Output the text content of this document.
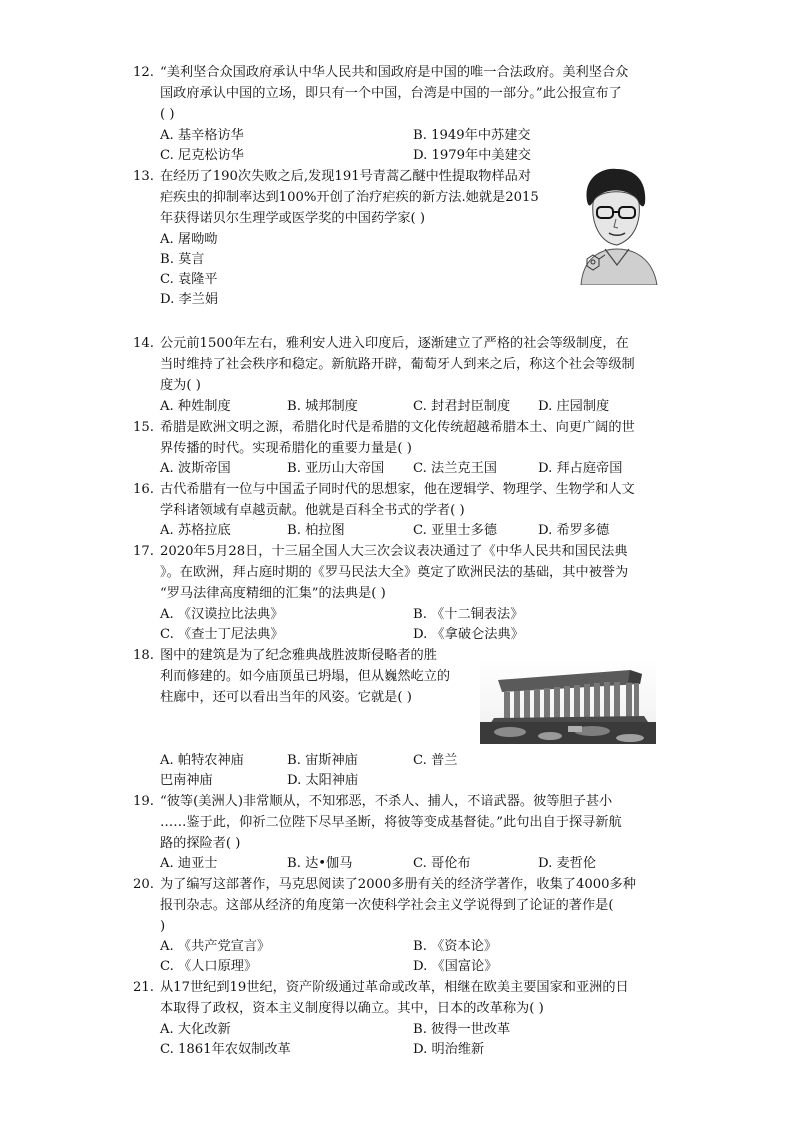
12. “美利坚合众国政府承认中华人民共和国政府是中国的唯一合法政府。美利坚合众
国政府承认中国的立场，即只有一个中国，台湾是中国的一部分。”此公报宣布了
( )
A. 基辛格访华	B. 1949年中苏建交
C. 尼克松访华	D. 1979年中美建交
13. 在经历了190次失败之后,发现191号青蒿乙醚中性提取物样品对
疟疾虫的抑制率达到100%开创了治疗疟疾的新方法.她就是2015
年获得诺贝尔生理学或医学奖的中国药学家( )
A. 屠呦呦
B. 莫言
C. 袁隆平
D. 李兰娟
14. 公元前1500年左右，雅利安人进入印度后，逐渐建立了严格的社会等级制度，在
当时维持了社会秩序和稳定。新航路开辟，葡萄牙人到来之后，称这个社会等级制
度为( )
A. 种姓制度	B. 城邦制度	C. 封君封臣制度 D. 庄园制度
15. 希腊是欧洲文明之源，希腊化时代是希腊的文化传统超越希腊本土、向更广阔的世
界传播的时代。实现希腊化的重要力量是( )
A. 波斯帝国	B. 亚历山大帝国 C. 法兰克王国	D. 拜占庭帝国
16. 古代希腊有一位与中国孟子同时代的思想家，他在逻辑学、物理学、生物学和人文
学科诸领域有卓越贡献。他就是百科全书式的学者( )
A. 苏格拉底	B. 柏拉图	C. 亚里士多德	D. 希罗多德
17. 2020年5月28日，十三届全国人大三次会议表决通过了《中华人民共和国民法典
》。在欧洲，拜占庭时期的《罗马民法大全》奠定了欧洲民法的基础，其中被誉为
“罗马法律高度精细的汇集”的法典是( )
A. 《汉谟拉比法典》	B. 《十二铜表法》
C. 《查士丁尼法典》	D. 《拿破仑法典》
18. 图中的建筑是为了纪念雅典战胜波斯侵略者的胜
利而修建的。如今庙顶虽已坍塌，但从巍然屹立的
柱廊中，还可以看出当年的风姿。它就是( )
A. 帕特农神庙	B. 宙斯神庙	C. 普兰
巴南神庙	D. 太阳神庙
19. “彼等(美洲人)非常顺从，不知邪恶，不杀人、捕人，不谙武器。彼等胆子甚小
……鉴于此，仰祈二位陛下尽早圣断，将彼等变成基督徒。”此句出自于探寻新航
路的探险者( )
A. 迪亚士	B. 达•伽马	C. 哥伦布	D. 麦哲伦
20. 为了编写这部著作，马克思阅读了2000多册有关的经济学著作，收集了4000多种
报刊杂志。这部从经济的角度第一次使科学社会主义学说得到了论证的著作是(
)
A. 《共产党宣言》	B. 《资本论》
C. 《人口原理》	D. 《国富论》
21. 从17世纪到19世纪，资产阶级通过革命或改革，相继在欧美主要国家和亚洲的日
本取得了政权，资本主义制度得以确立。其中，日本的改革称为( )
A. 大化改新	B. 彼得一世改革
C. 1861年农奴制改革	D. 明治维新
